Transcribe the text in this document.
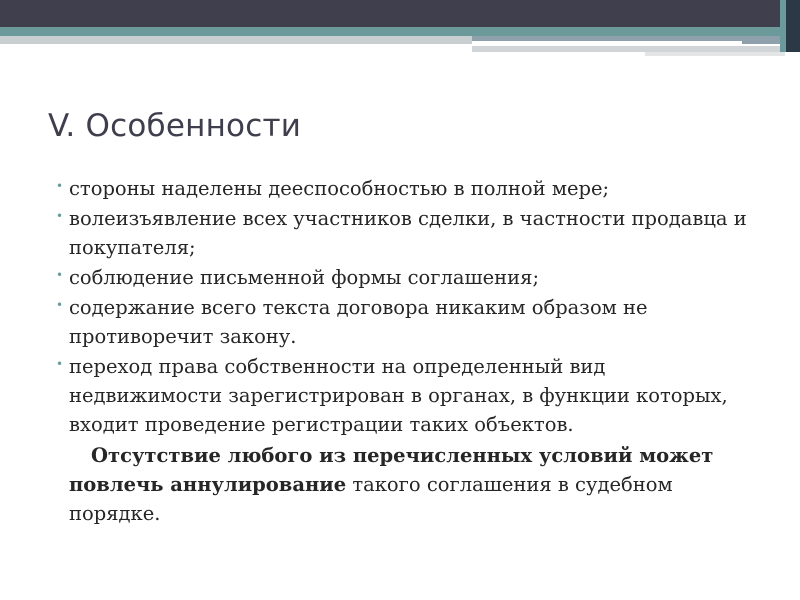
V. Особенности
• стороны наделены дееспособностью в полной мере;
• волеизъявление всех участников сделки, в частности продавца и покупателя;
• соблюдение письменной формы соглашения;
• содержание всего текста договора никаким образом не противоречит закону.
• переход права собственности на определенный вид недвижимости зарегистрирован в органах, в функции которых, входит проведение регистрации таких объектов.
Отсутствие любого из перечисленных условий может повлечь аннулирование такого соглашения в судебном порядке.
